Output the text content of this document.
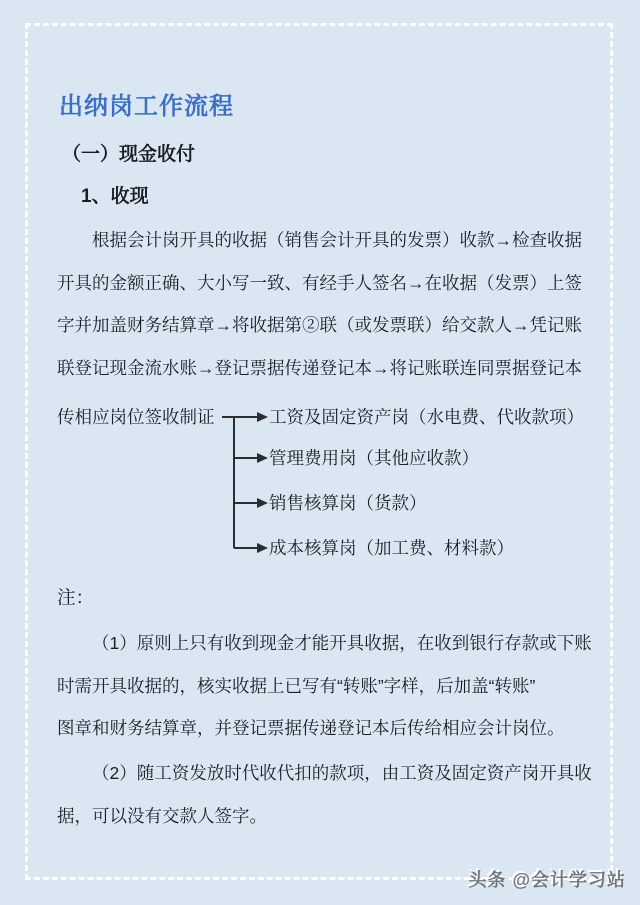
出纳岗工作流程
（一）现金收付
1、收现
根据会计岗开具的收据（销售会计开具的发票）收款→检查收据
开具的金额正确、大小写一致、有经手人签名→在收据（发票）上签
字并加盖财务结算章→将收据第②联（或发票联）给交款人→凭记账
联登记现金流水账→登记票据传递登记本→将记账联连同票据登记本
传相应岗位签收制证	工资及固定资产岗（水电费、代收款项）
管理费用岗（其他应收款）
销售核算岗（货款）
成本核算岗（加工费、材料款）
注：
（1）原则上只有收到现金才能开具收据，在收到银行存款或下账
时需开具收据的，核实收据上已写有“转账”字样，后加盖“转账”
图章和财务结算章，并登记票据传递登记本后传给相应会计岗位。
（2）随工资发放时代收代扣的款项，由工资及固定资产岗开具收
据，可以没有交款人签字。
头条 @会计学习站
